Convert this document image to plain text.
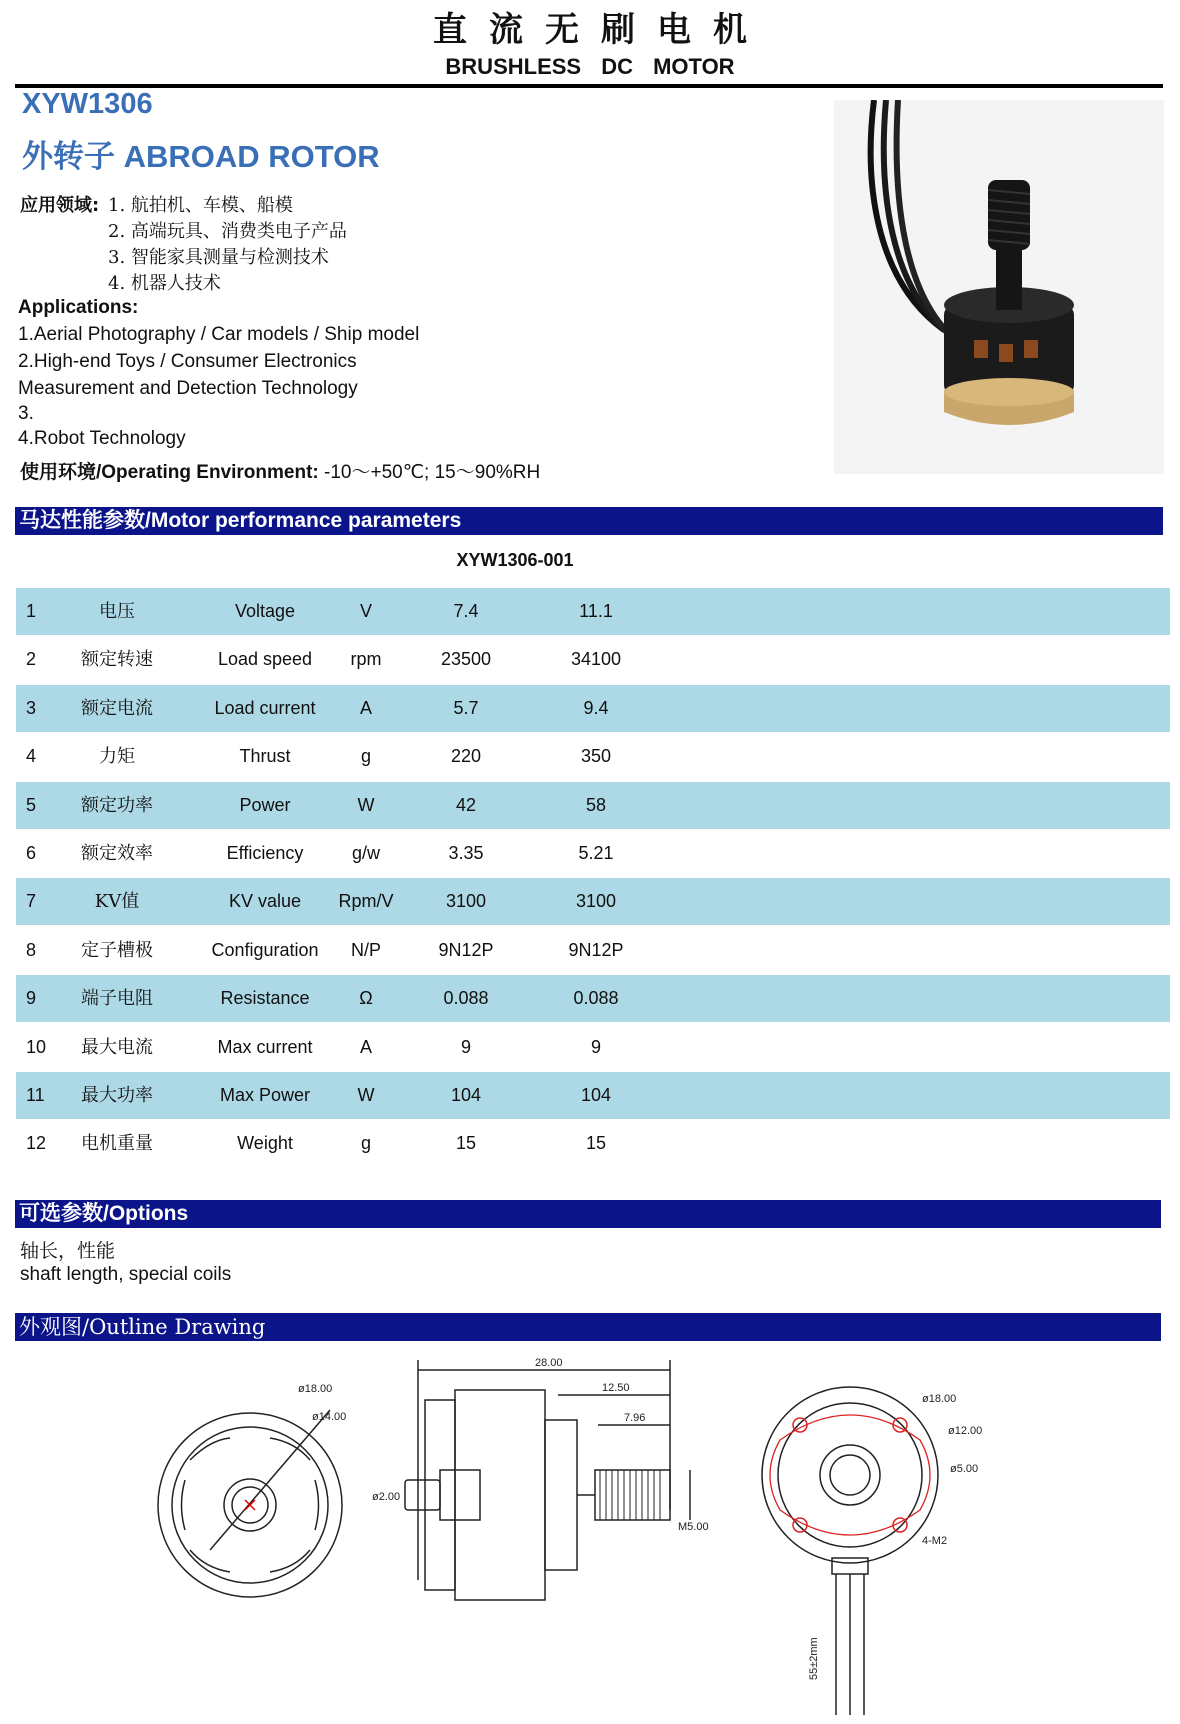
直流无刷电机
BRUSHLESS DC MOTOR
XYW1306
外转子 ABROAD ROTOR
应用领域: 1. 航拍机、车模、船模
2. 高端玩具、消费类电子产品
3. 智能家具测量与检测技术
4. 机器人技术
Applications:
1.Aerial Photography / Car models / Ship model
2.High-end Toys / Consumer Electronics
Measurement and Detection Technology
3.
4.Robot Technology
使用环境/Operating Environment: -10～+50℃; 15～90%RH
马达性能参数/Motor performance parameters
XYW1306-001
1	电压	Voltage	V	7.4	11.1
2	额定转速	Load speed	rpm	23500	34100
3	额定电流	Load current	A	5.7	9.4
4	力矩	Thrust	g	220	350
5	额定功率	Power	W	42	58
6	额定效率	Efficiency	g/w	3.35	5.21
7	KV值	KV value	Rpm/V	3100	3100
8	定子槽极	Configuration	N/P	9N12P	9N12P
9	端子电阻	Resistance	Ω	0.088	0.088
10	最大电流	Max current	A	9	9
11	最大功率	Max Power	W	104	104
12	电机重量	Weight	g	15	15
可选参数/Options
轴长，性能
shaft length, special coils
外观图/Outline Drawing
ø18.00
ø14.00
28.00
12.50
7.96
M5.00
ø2.00
ø18.00
ø12.00
ø5.00
4-M2
55±2mm
